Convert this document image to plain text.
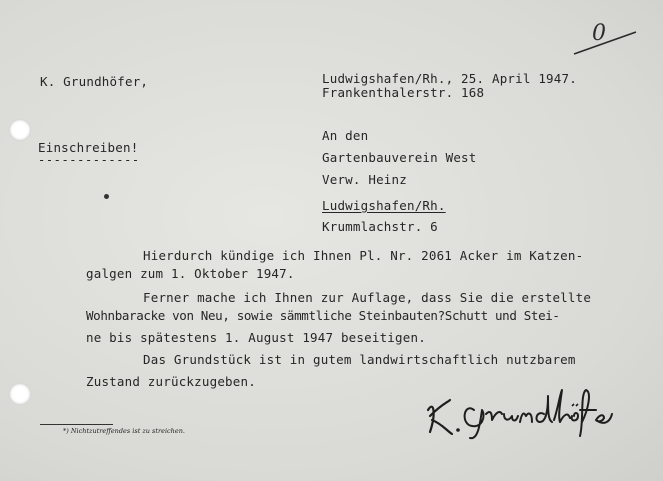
0
K. Grundhöfer,	Ludwigshafen/Rh., 25. April 1947.
Frankenthalerstr. 168
Einschreiben!
-------------
An den
Gartenbauverein West
Verw. Heinz
Ludwigshafen/Rh.
Krummlachstr. 6
Hierdurch kündige ich Ihnen Pl. Nr. 2061 Acker im Katzen-
galgen zum 1. Oktober 1947.
Ferner mache ich Ihnen zur Auflage, dass Sie die erstellte
Wohnbaracke von Neu, sowie sämmtliche Steinbauten?Schutt und Stei-
ne bis spätestens 1. August 1947 beseitigen.
Das Grundstück ist in gutem landwirtschaftlich nutzbarem
Zustand zurückzugeben.
*) Nichtzutreffendes ist zu streichen.
